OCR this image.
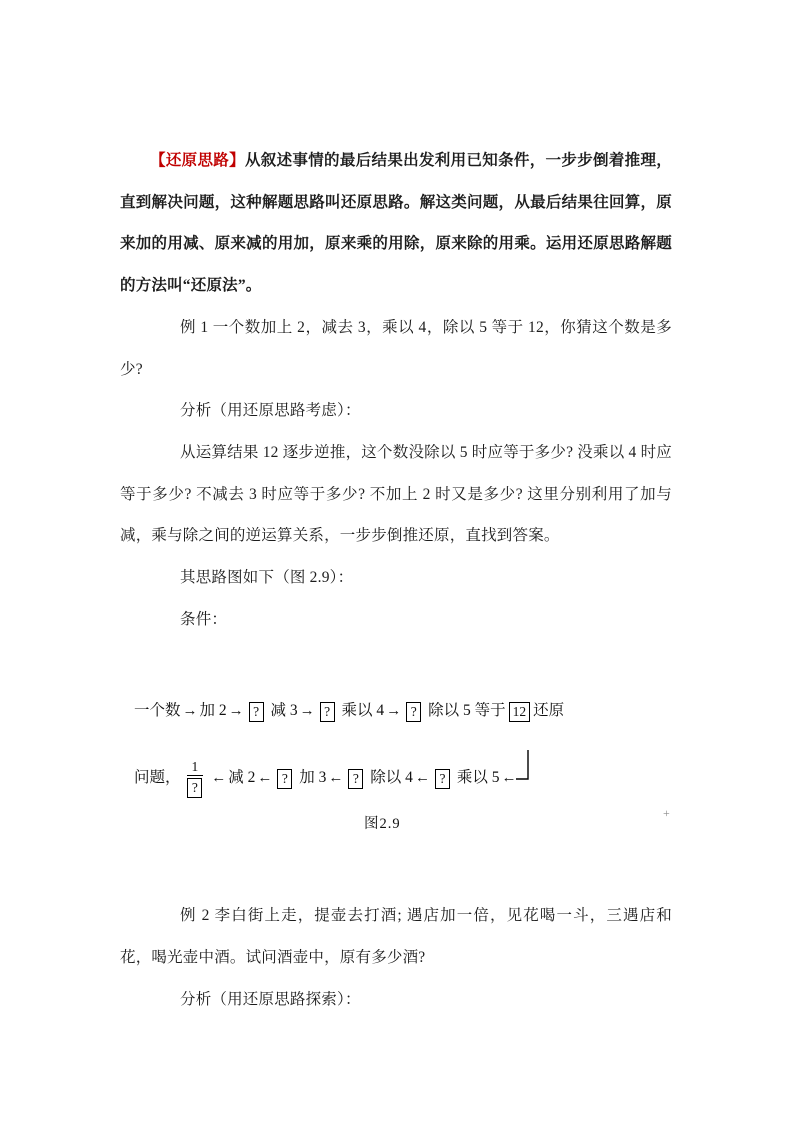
【还原思路】从叙述事情的最后结果出发利用已知条件，一步步倒着推理，直到解决问题，这种解题思路叫还原思路。解这类问题，从最后结果往回算，原来加的用减、原来减的用加，原来乘的用除，原来除的用乘。运用还原思路解题的方法叫“还原法”。

例 1 一个数加上 2，减去 3，乘以 4，除以 5 等于 12，你猜这个数是多少?

分析（用还原思路考虑）：

从运算结果 12 逐步逆推，这个数没除以 5 时应等于多少? 没乘以 4 时应等于多少? 不减去 3 时应等于多少? 不加上 2 时又是多少? 这里分别利用了加与减，乘与除之间的逆运算关系，一步步倒推还原，直找到答案。

其思路图如下（图 2.9）：

条件：

一个数 → 加 2 → ? 减 3 → ? 乘以 4 → ? 除以 5 等于 12 还原
问题， $\frac{1}{?}$ ← 减 2 ← ? 加 3 ← ? 除以 4 ← ? 乘以 5 ←
图2.9

例 2 李白街上走，提壶去打酒; 遇店加一倍，见花喝一斗，三遇店和花，喝光壶中酒。试问酒壶中，原有多少酒?

分析（用还原思路探索）：

+
